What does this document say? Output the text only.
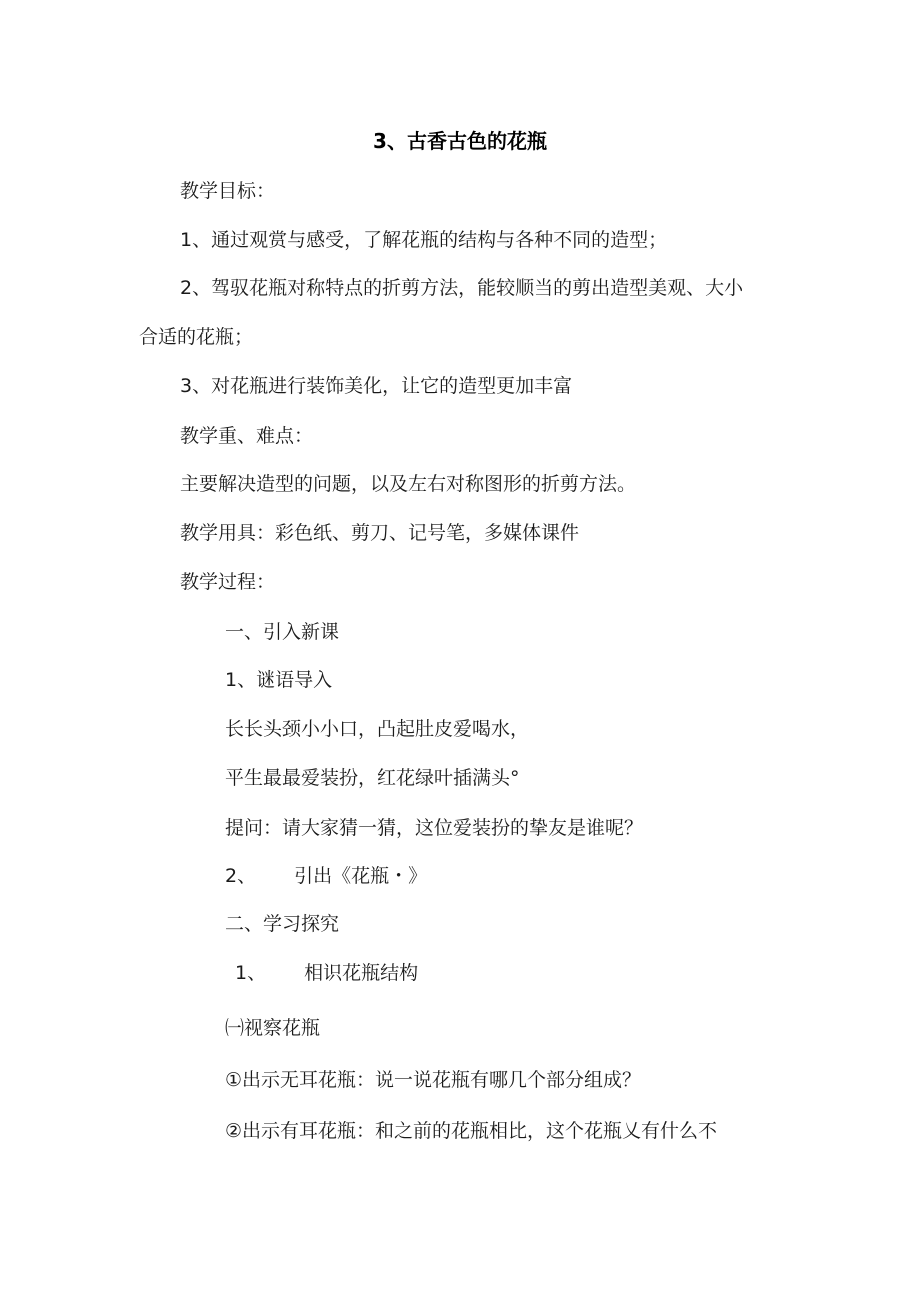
3、古香古色的花瓶

教学目标：

1、通过观赏与感受，了解花瓶的结构与各种不同的造型；

2、驾驭花瓶对称特点的折剪方法，能较顺当的剪出造型美观、大小

合适的花瓶；

3、对花瓶进行装饰美化，让它的造型更加丰富

教学重、难点：

主要解决造型的问题，以及左右对称图形的折剪方法。

教学用具：彩色纸、剪刀、记号笔，多媒体课件

教学过程：

一、引入新课

1、谜语导入

长长头颈小小口，凸起肚皮爱喝水，

平生最最爱装扮，红花绿叶插满头°

提问：请大家猜一猜，这位爱装扮的挚友是谁呢？

2、 引出《花瓶・》

二、学习探究

1、 相识花瓶结构

㈠视察花瓶

①出示无耳花瓶：说一说花瓶有哪几个部分组成？

②出示有耳花瓶：和之前的花瓶相比，这个花瓶乂有什么不
